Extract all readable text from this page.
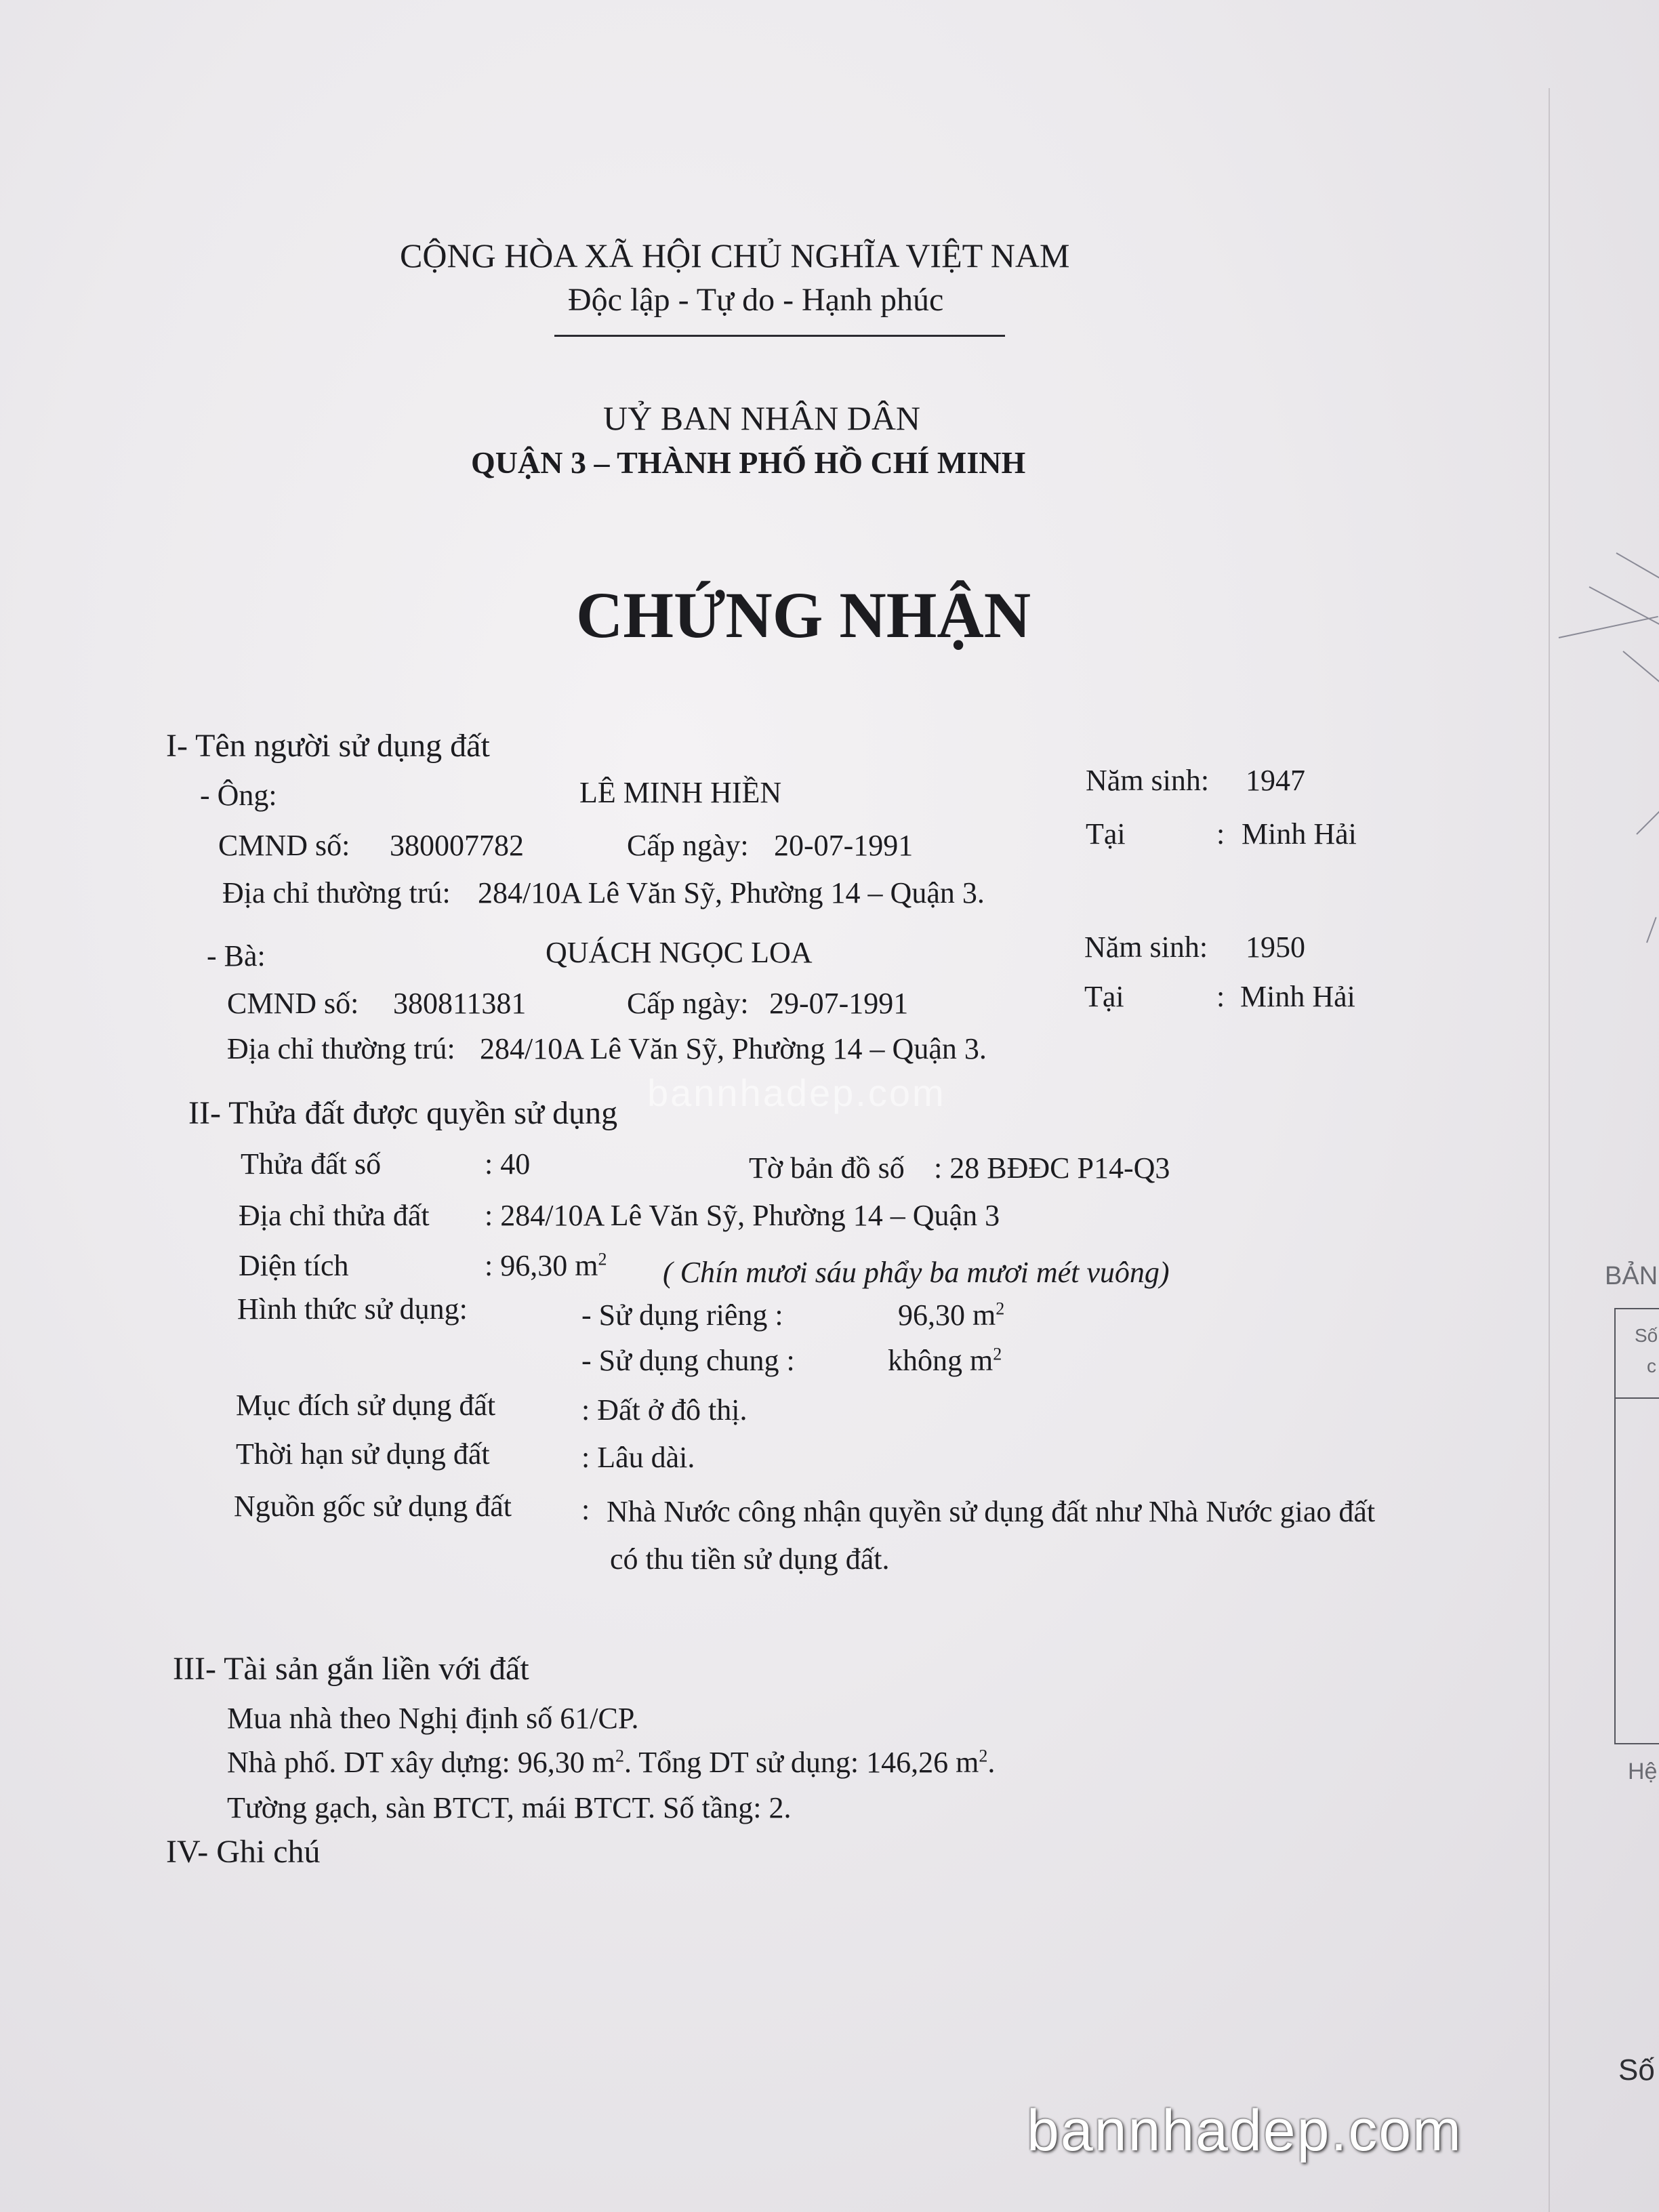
CỘNG HÒA XÃ HỘI CHỦ NGHĨA VIỆT NAM
Độc lập - Tự do - Hạnh phúc
UỶ BAN NHÂN DÂN
QUẬN 3 – THÀNH PHỐ HỒ CHÍ MINH
CHỨNG NHẬN
I- Tên người sử dụng đất
- Ông:	LÊ MINH HIỀN	Năm sinh: 1947
CMND số: 380007782	Cấp ngày: 20-07-1991	Tại	: Minh Hải
Địa chỉ thường trú: 284/10A Lê Văn Sỹ, Phường 14 – Quận 3.
- Bà:	QUÁCH NGỌC LOA	Năm sinh: 1950
CMND số: 380811381	Cấp ngày: 29-07-1991	Tại	: Minh Hải
Địa chỉ thường trú: 284/10A Lê Văn Sỹ, Phường 14 – Quận 3.
II- Thửa đất được quyền sử dụng
Thửa đất số	: 40	Tờ bản đồ số : 28 BĐĐC P14-Q3
Địa chỉ thửa đất : 284/10A Lê Văn Sỹ, Phường 14 – Quận 3
Diện tích	: 96,30 $m^2$ ( Chín mươi sáu phẩy ba mươi mét vuông)
Hình thức sử dụng:	- Sử dụng riêng :	96,30 $m^2$
- Sử dụng chung :	không $m^2$
Mục đích sử dụng đất	: Đất ở đô thị.
Thời hạn sử dụng đất	: Lâu dài.
Nguồn gốc sử dụng đất : Nhà Nước công nhận quyền sử dụng đất như Nhà Nước giao đất
có thu tiền sử dụng đất.
III- Tài sản gắn liền với đất
Mua nhà theo Nghị định số 61/CP.
Nhà phố. DT xây dựng: 96,30 $m^2$. Tổng DT sử dụng: 146,26 $m^2$.
Tường gạch, sàn BTCT, mái BTCT. Số tầng: 2.
IV- Ghi chú
BẢN
Số
c
Hệ
Số
bannhadep.com
bannhadep.com
